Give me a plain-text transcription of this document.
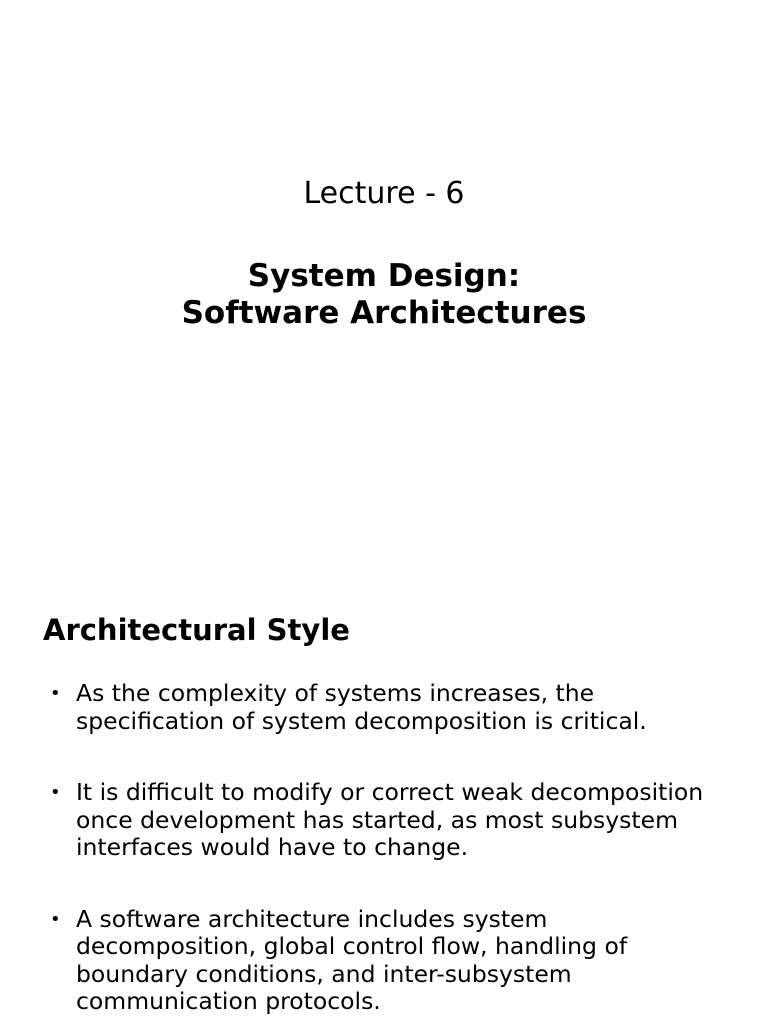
Lecture - 6
System Design:
Software Architectures
Architectural Style
• As the complexity of systems increases, the specification of system decomposition is critical.
• It is difficult to modify or correct weak decomposition once development has started, as most subsystem interfaces would have to change.
• A software architecture includes system decomposition, global control flow, handling of boundary conditions, and inter-subsystem communication protocols.
